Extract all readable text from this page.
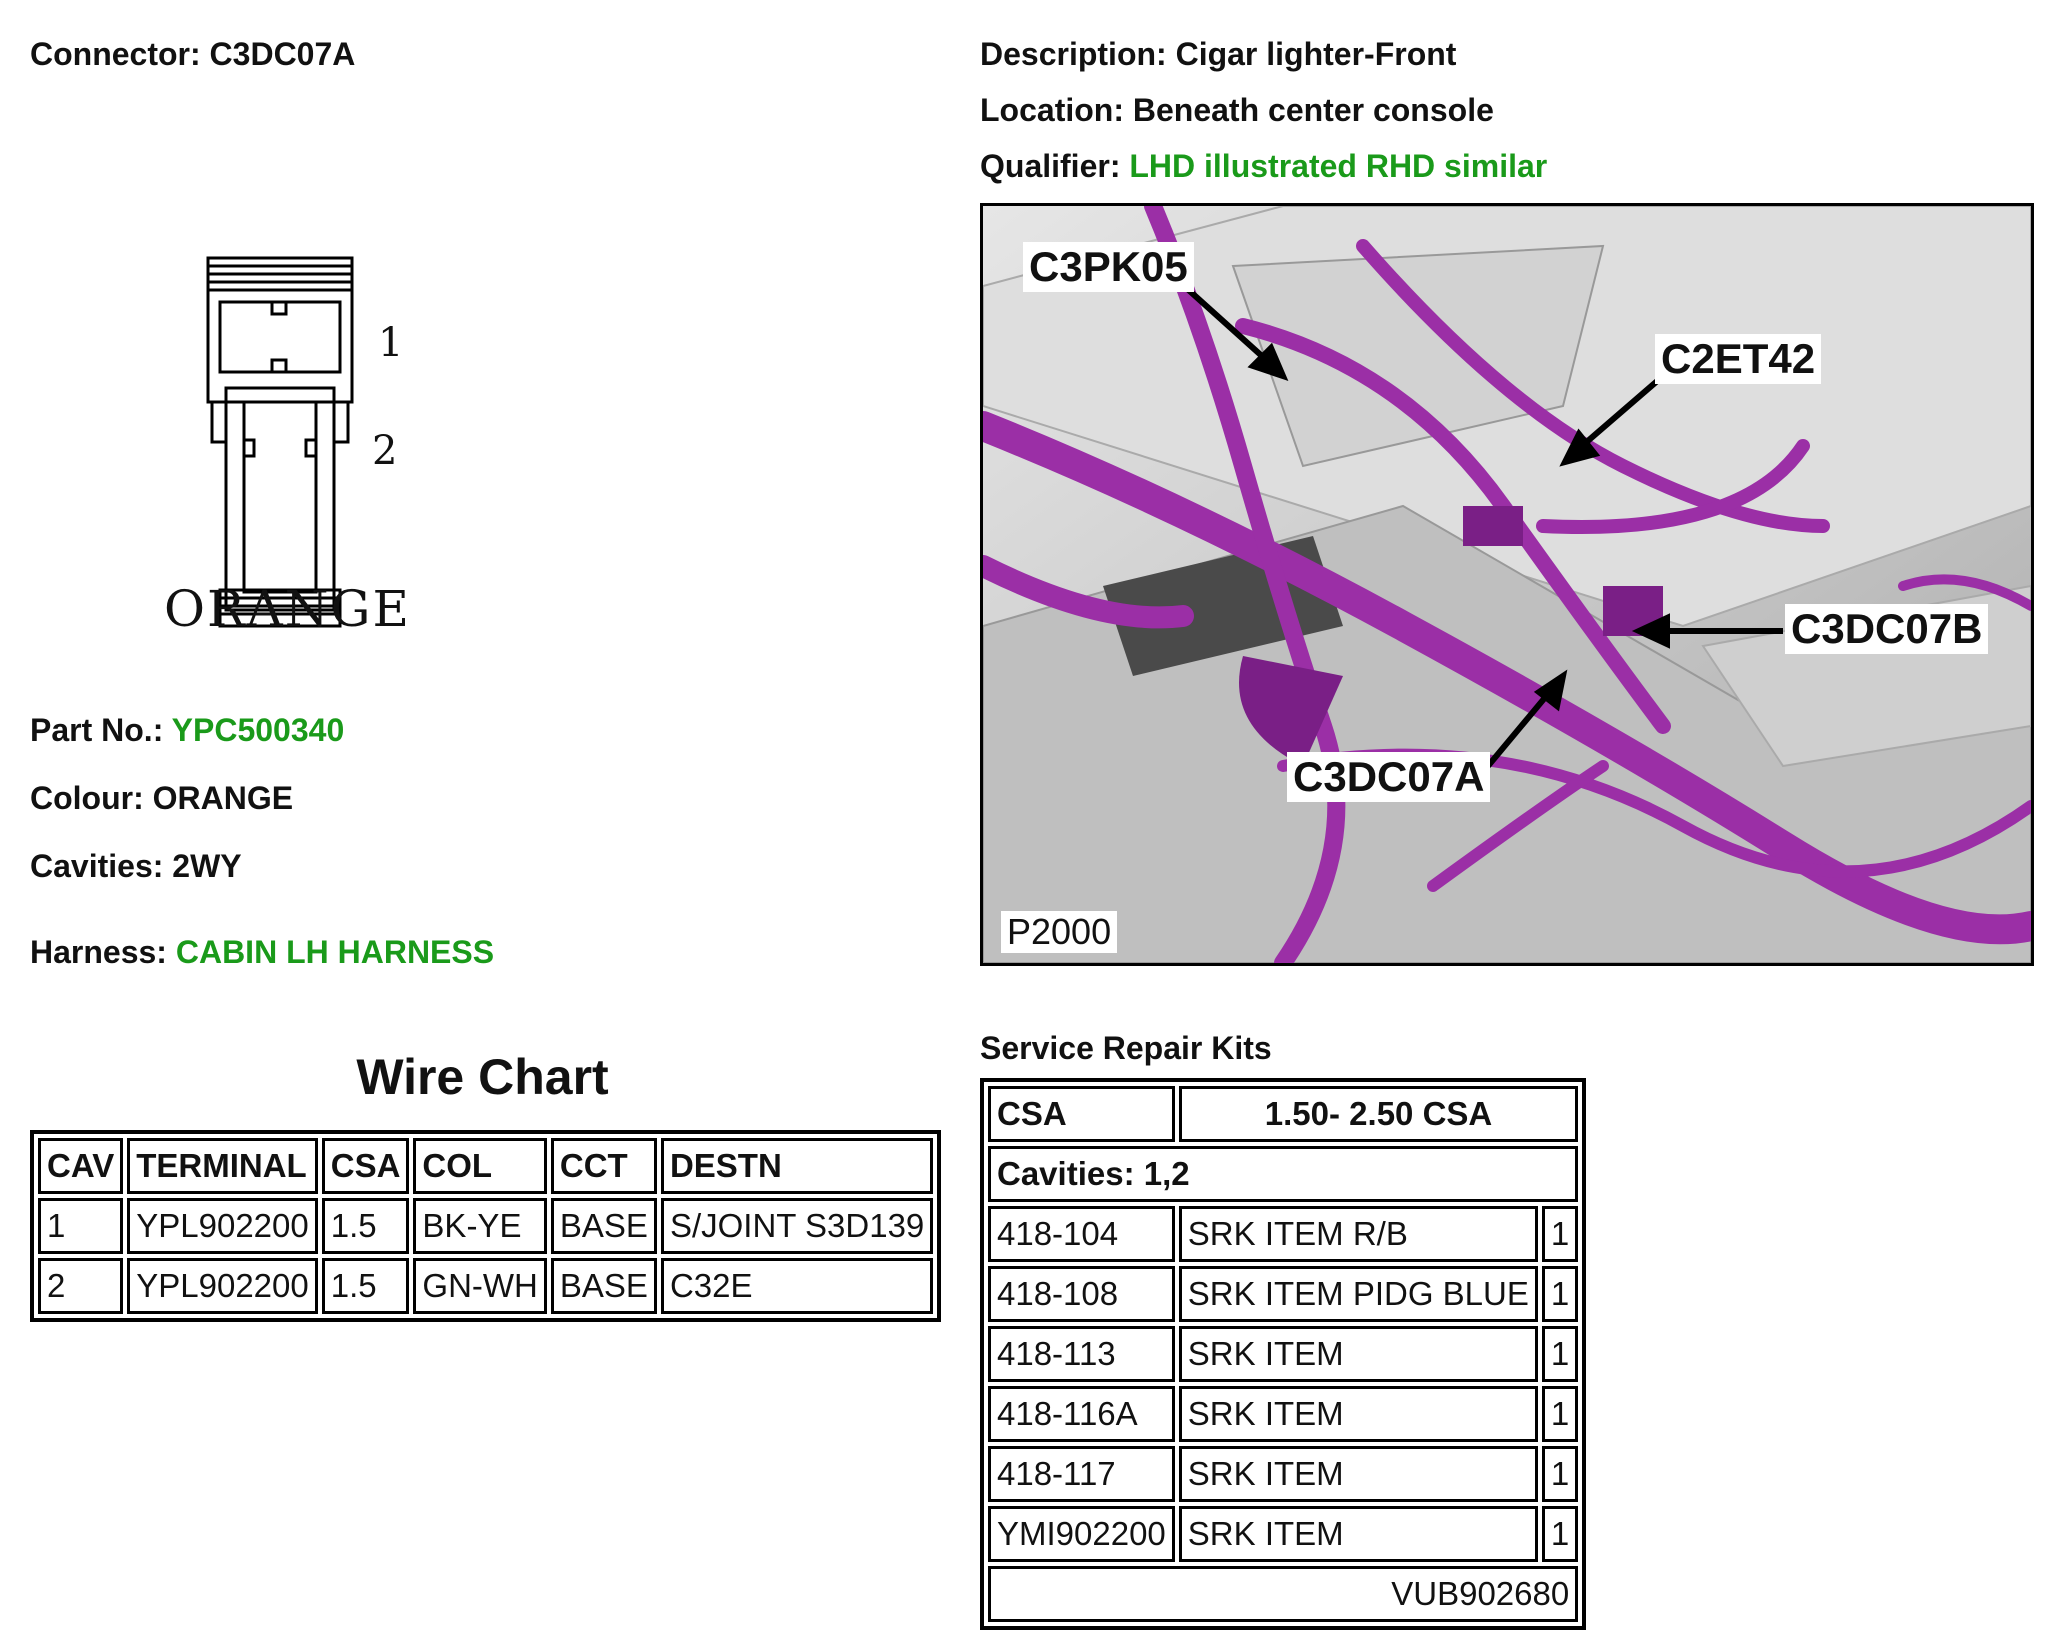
Connector: C3DC07A	Description: Cigar lighter-Front
Location: Beneath center console
Qualifier: LHD illustrated RHD similar
1
2
ORANGE
Part No.: YPC500340
Colour: ORANGE
Cavities: 2WY
Harness: CABIN LH HARNESS
C3PK05
C2ET42
C3DC07B
C3DC07A
P2000
Wire Chart
CAV	TERMINAL	CSA	COL	CCT	DESTN
1	YPL902200	1.5	BK-YE	BASE	S/JOINT S3D139
2	YPL902200	1.5	GN-WH	BASE	C32E
Service Repair Kits
CSA	1.50- 2.50 CSA	
Cavities: 1,2		
418-104	SRK ITEM R/B	1
418-108	SRK ITEM PIDG BLUE	1
418-113	SRK ITEM	1
418-116A	SRK ITEM	1
418-117	SRK ITEM	1
YMI902200	SRK ITEM	1
VUB902680		
